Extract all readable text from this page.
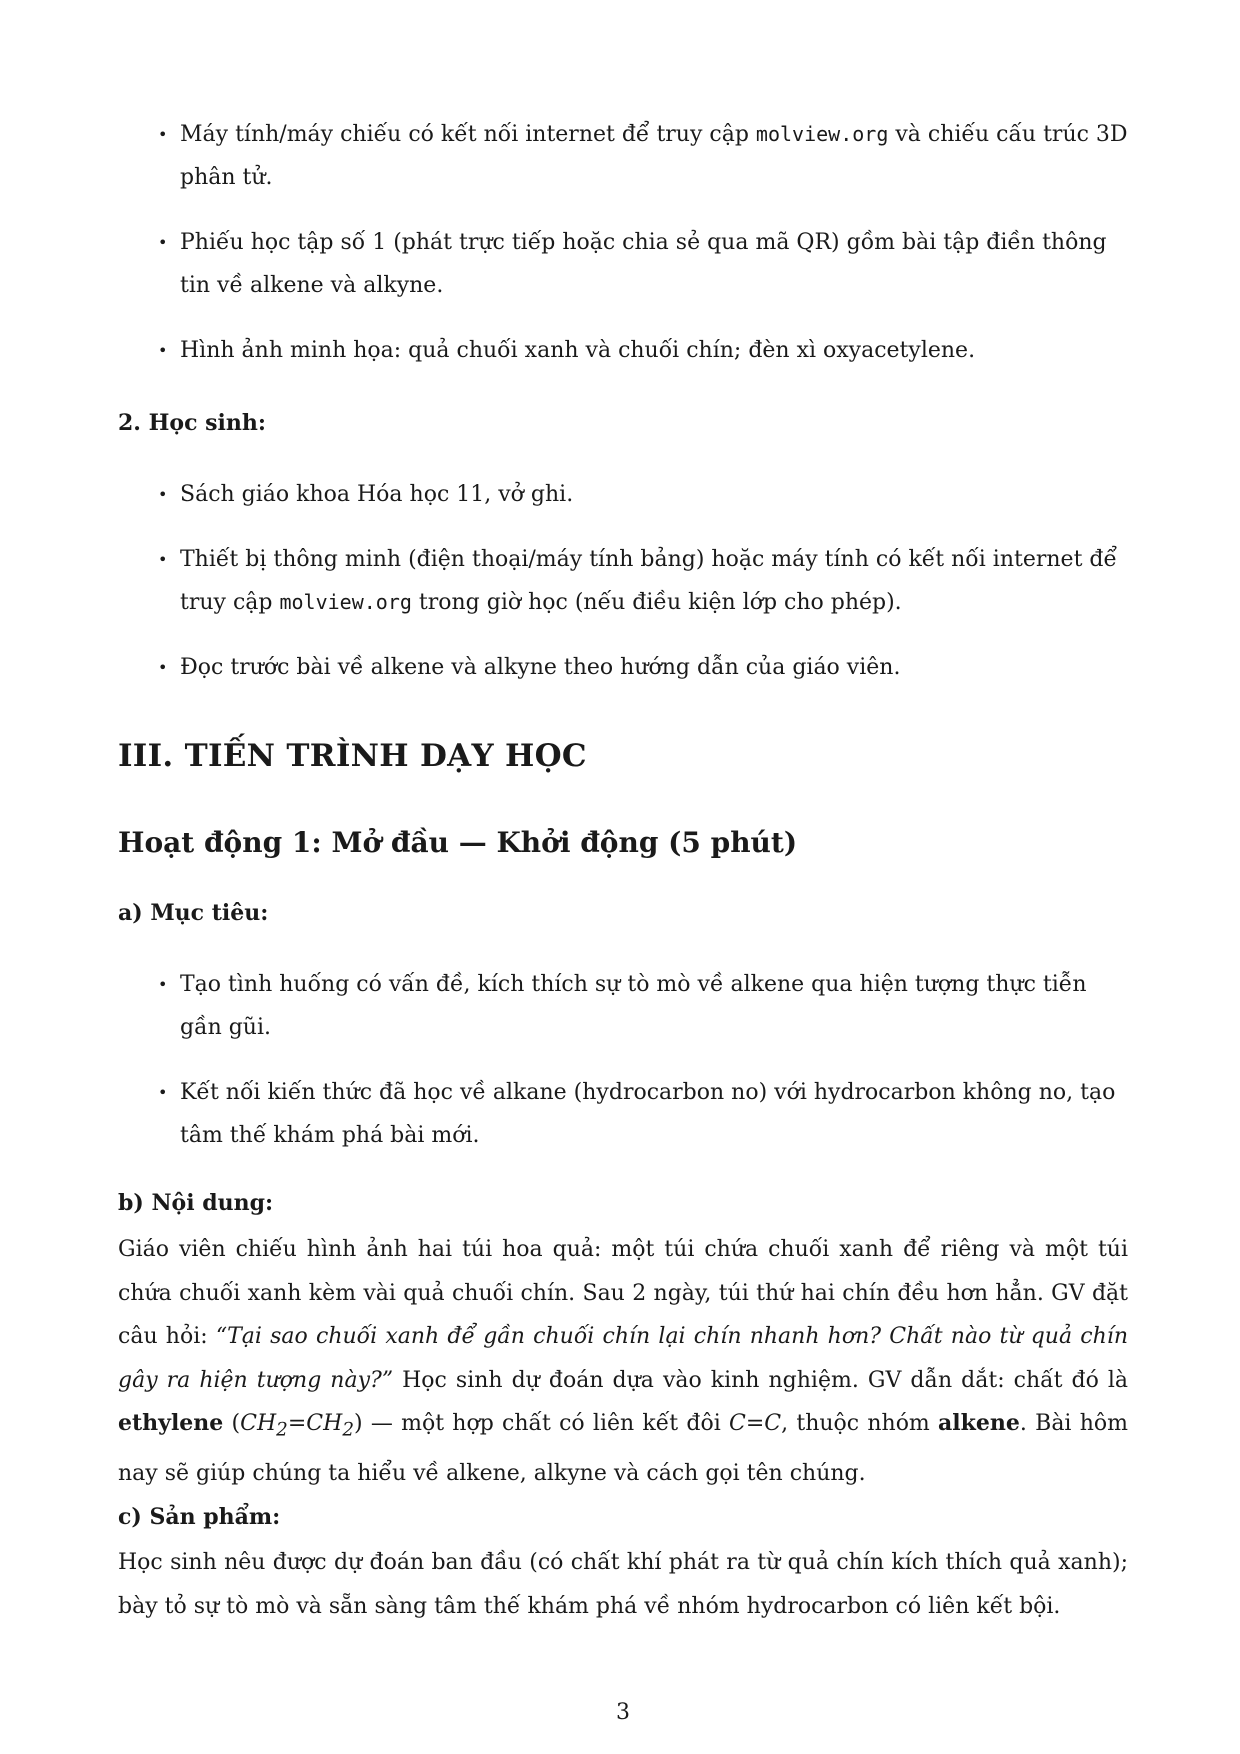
• Máy tính/máy chiếu có kết nối internet để truy cập molview.org và chiếu cấu trúc 3D phân tử.
• Phiếu học tập số 1 (phát trực tiếp hoặc chia sẻ qua mã QR) gồm bài tập điền thông tin về alkene và alkyne.
• Hình ảnh minh họa: quả chuối xanh và chuối chín; đèn xì oxyacetylene.
2. Học sinh:
• Sách giáo khoa Hóa học 11, vở ghi.
• Thiết bị thông minh (điện thoại/máy tính bảng) hoặc máy tính có kết nối internet để truy cập molview.org trong giờ học (nếu điều kiện lớp cho phép).
• Đọc trước bài về alkene và alkyne theo hướng dẫn của giáo viên.
III. TIẾN TRÌNH DẠY HỌC
Hoạt động 1: Mở đầu — Khởi động (5 phút)
a) Mục tiêu:
• Tạo tình huống có vấn đề, kích thích sự tò mò về alkene qua hiện tượng thực tiễn gần gũi.
• Kết nối kiến thức đã học về alkane (hydrocarbon no) với hydrocarbon không no, tạo tâm thế khám phá bài mới.
b) Nội dung:

Giáo viên chiếu hình ảnh hai túi hoa quả: một túi chứa chuối xanh để riêng và một túi chứa chuối xanh kèm vài quả chuối chín. Sau 2 ngày, túi thứ hai chín đều hơn hẳn. GV đặt câu hỏi: “Tại sao chuối xanh để gần chuối chín lại chín nhanh hơn? Chất nào từ quả chín gây ra hiện tượng này?” Học sinh dự đoán dựa vào kinh nghiệm. GV dẫn dắt: chất đó là ethylene $(CH_2=CH_2)$ — một hợp chất có liên kết đôi C=C, thuộc nhóm alkene. Bài hôm nay sẽ giúp chúng ta hiểu về alkene, alkyne và cách gọi tên chúng.

c) Sản phẩm:

Học sinh nêu được dự đoán ban đầu (có chất khí phát ra từ quả chín kích thích quả xanh); bày tỏ sự tò mò và sẵn sàng tâm thế khám phá về nhóm hydrocarbon có liên kết bội.

3
